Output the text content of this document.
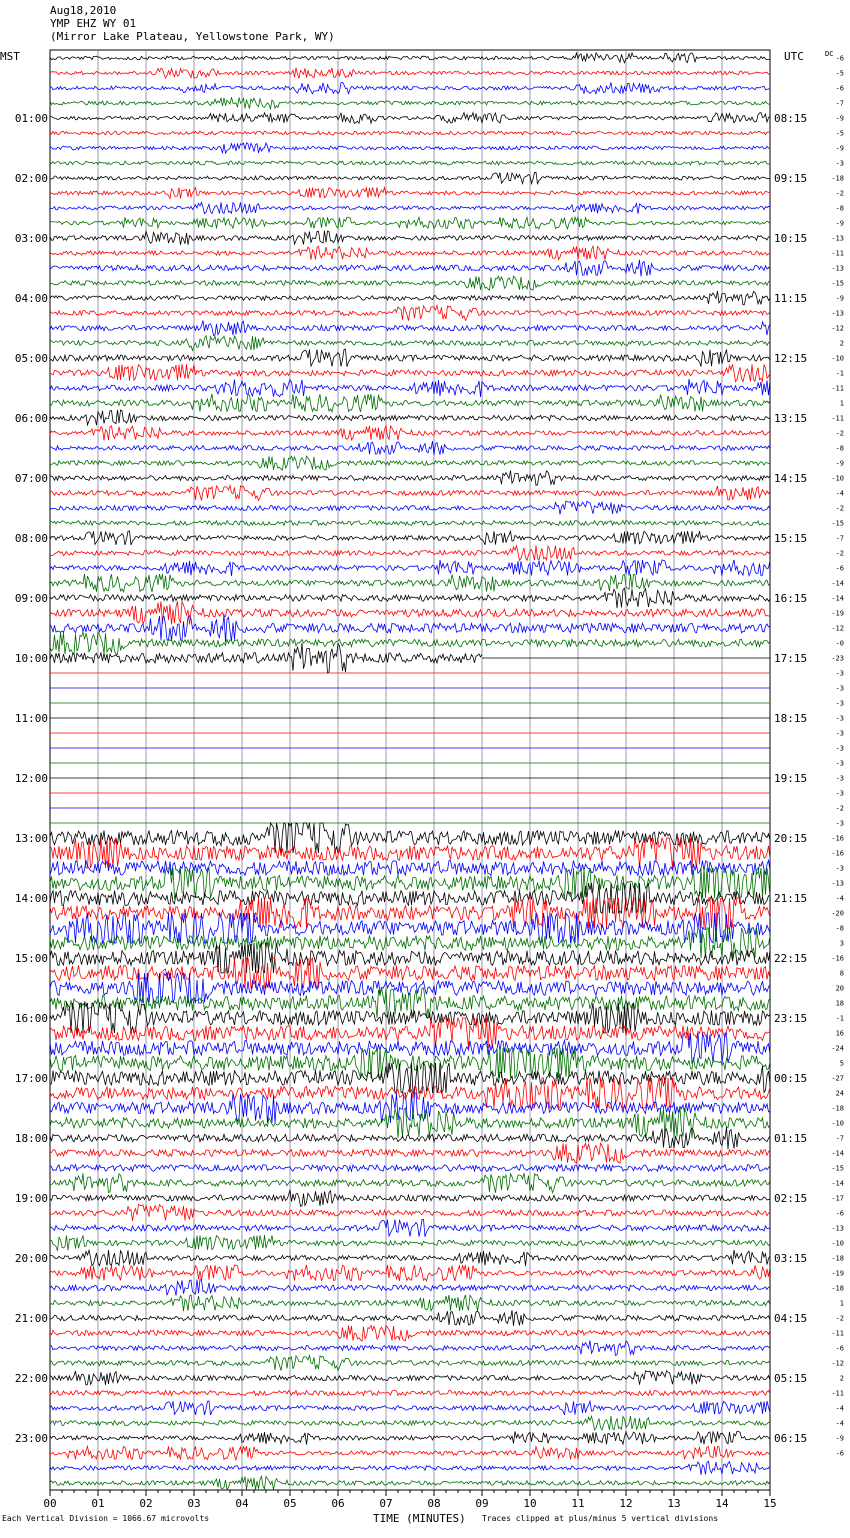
Aug18,2010
YMP EHZ WY 01
(Mirror Lake Plateau, Yellowstone Park, WY)
MST	UTC	DC
-6
-5
-6
-7
-9
-5
-9
-3
-18
-2
-8
-9
-13
-11
-13
-15
-9
-13
-12
2
-10
-1
-11
1
-11
-2
-8
-9
-10
-4
-2
-15
-7
-2
-6
-14
-14
-19
-12
-0
-23
-3
-3
-3
-3
-3
-3
-3
-3
-3
-2
-3
-16
-16
-3
-13
-4
-20
-8
3
-16
8
20
18
-1
16
-24
5
-27
24
-18
-10
-7
-14
-15
-14
-17
-6
-13
-10
-18
-19
-18
1
-2
-11
-6
-12
2
-11
-4
-4
-9
-6
01:00
02:00
03:00
04:00
05:00
06:00
07:00
08:00
09:00
10:00
11:00
12:00
13:00
14:00
15:00
16:00
17:00
18:00
19:00
20:00
21:00
22:00
23:00
08:15
09:15
10:15
11:15
12:15
13:15
14:15
15:15
16:15
17:15
18:15
19:15
20:15
21:15
22:15
23:15
00:15
01:15
02:15
03:15
04:15
05:15
06:15
00	01	02	03	04	05	06	07	08	09	10	11	12	13	14	15
Each Vertical Division = 1066.67 microvolts	TIME (MINUTES) Traces clipped at plus/minus 5 vertical divisions
